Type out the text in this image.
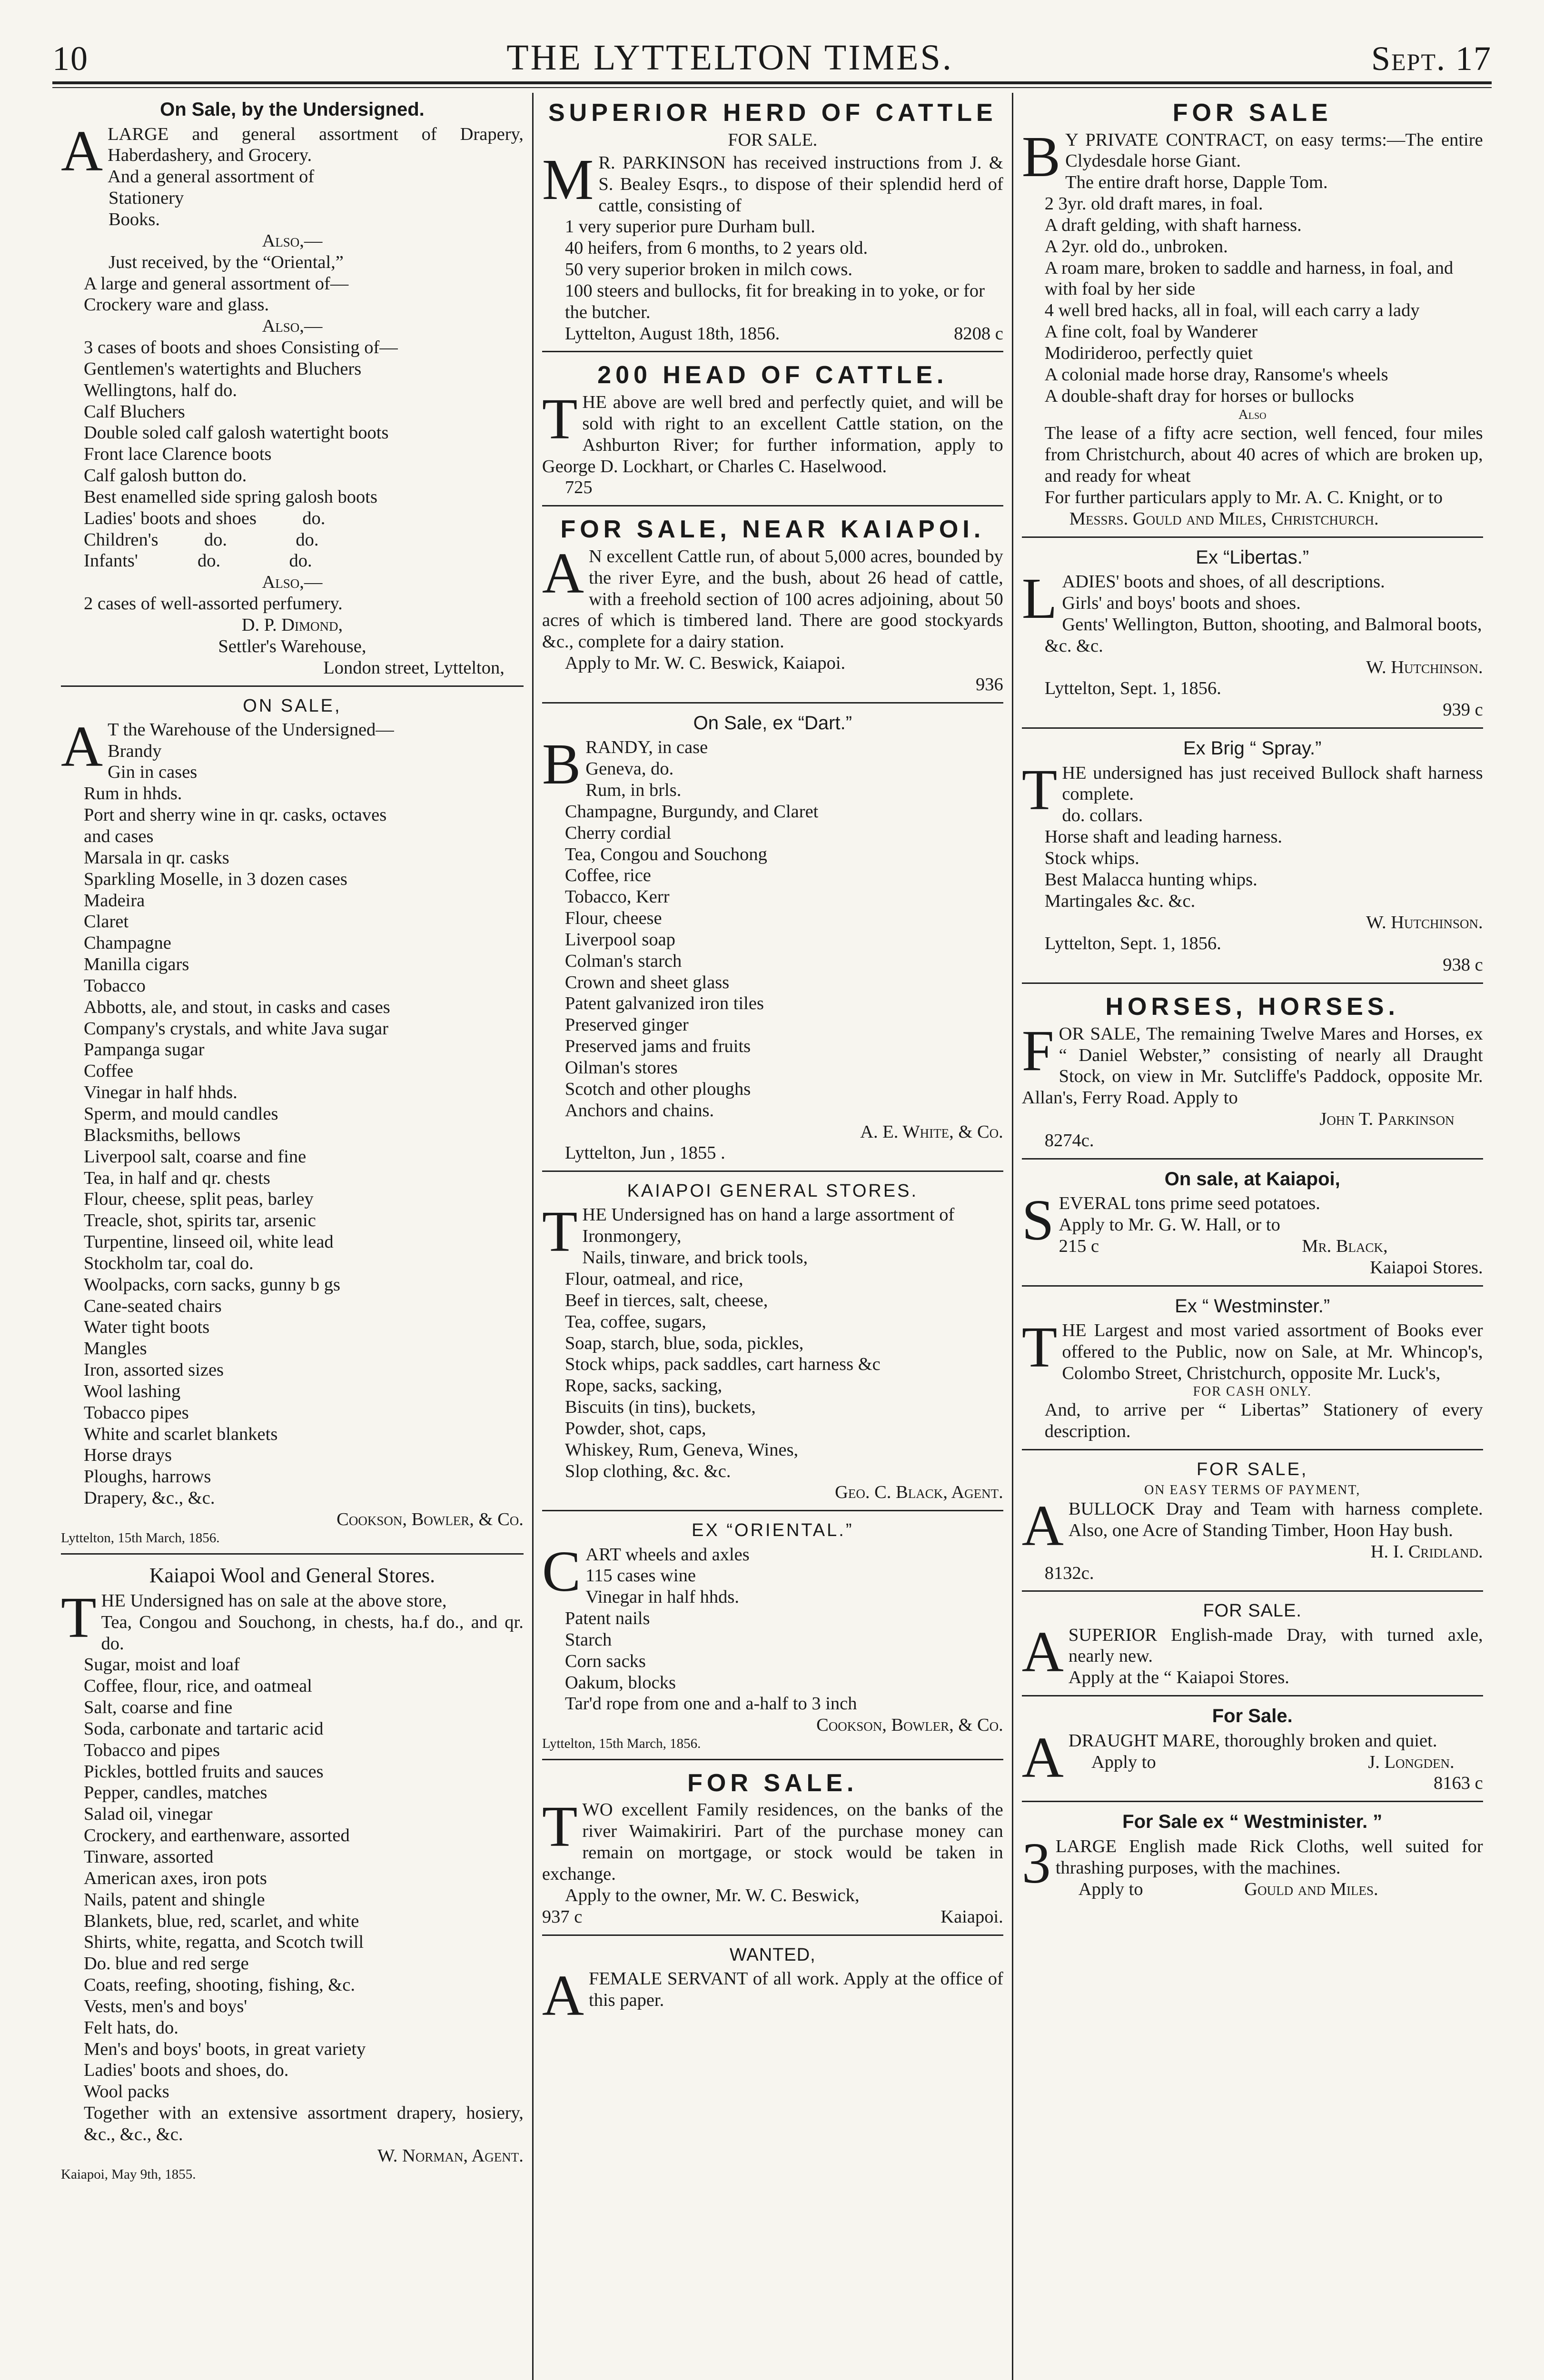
10	THE LYTTELTON TIMES.	Sept. 17
On Sale, by the Undersigned.

ALARGE and general assortment of Drapery, Haberdashery, and Grocery.

And a general assortment of
Stationery
Books.
Also,—
Just received, by the “Oriental,”
A large and general assortment of—
Crockery ware and glass.
Also,—
3 cases of boots and shoes Consisting of—
Gentlemen's watertights and Bluchers
Wellingtons, half do.
Calf Bluchers
Double soled calf galosh watertight boots
Front lace Clarence boots
Calf galosh button do.
Best enamelled side spring galosh boots
Ladies' boots and shoes          do.
Children's          do.               do.
Infants'             do.               do.
Also,—
2 cases of well-assorted perfumery.
D. P. Dimond,
Settler's Warehouse,
London street, Lyttelton,
ON SALE,

AT the Warehouse of the Undersigned—

Brandy
Gin in cases
Rum in hhds.
Port and sherry wine in qr. casks, octaves
and cases
Marsala in qr. casks
Sparkling Moselle, in 3 dozen cases
Madeira
Claret
Champagne
Manilla cigars
Tobacco
Abbotts, ale, and stout, in casks and cases
Company's crystals, and white Java sugar
Pampanga sugar
Coffee
Vinegar in half hhds.
Sperm, and mould candles
Blacksmiths, bellows
Liverpool salt, coarse and fine
Tea, in half and qr. chests
Flour, cheese, split peas, barley
Treacle, shot, spirits tar, arsenic
Turpentine, linseed oil, white lead
Stockholm tar, coal do.
Woolpacks, corn sacks, gunny b gs
Cane-seated chairs
Water tight boots
Mangles
Iron, assorted sizes
Wool lashing
Tobacco pipes
White and scarlet blankets
Horse drays
Ploughs, harrows
Drapery, &c., &c.
Cookson, Bowler, & Co.
Lyttelton, 15th March, 1856.
Kaiapoi Wool and General Stores.

THE Undersigned has on sale at the above store,

Tea, Congou and Souchong, in chests, ha.f do., and qr. do.

Sugar, moist and loaf
Coffee, flour, rice, and oatmeal
Salt, coarse and fine
Soda, carbonate and tartaric acid
Tobacco and pipes
Pickles, bottled fruits and sauces
Pepper, candles, matches
Salad oil, vinegar
Crockery, and earthenware, assorted
Tinware, assorted
American axes, iron pots
Nails, patent and shingle
Blankets, blue, red, scarlet, and white
Shirts, white, regatta, and Scotch twill
Do. blue and red serge
Coats, reefing, shooting, fishing, &c.
Vests, men's and boys'
Felt hats, do.
Men's and boys' boots, in great variety
Ladies' boots and shoes, do.
Wool packs

Together with an extensive assortment drapery, hosiery, &c., &c., &c.

W. Norman, Agent.
Kaiapoi, May 9th, 1855.
SUPERIOR HERD OF CATTLE
FOR SALE.

MR. PARKINSON has received instructions from J. & S. Bealey Esqrs., to dispose of their splendid herd of cattle, consisting of

1 very superior pure Durham bull.
40 heifers, from 6 months, to 2 years old.
50 very superior broken in milch cows.
100 steers and bullocks, fit for breaking in to yoke, or for the butcher.
Lyttelton, August 18th, 1856.	8208 c
200 HEAD OF CATTLE.

THE above are well bred and perfectly quiet, and will be sold with right to an excellent Cattle station, on the Ashburton River; for further information, apply to George D. Lockhart, or Charles C. Haselwood.

725
FOR SALE, NEAR KAIAPOI.

AN excellent Cattle run, of about 5,000 acres, bounded by the river Eyre, and the bush, about 26 head of cattle, with a freehold section of 100 acres adjoining, about 50 acres of which is timbered land. There are good stockyards &c., complete for a dairy station.

Apply to Mr. W. C. Beswick, Kaiapoi.
936
On Sale, ex “Dart.”

BRANDY, in case

Geneva, do.
Rum, in brls.
Champagne, Burgundy, and Claret
Cherry cordial
Tea, Congou and Souchong
Coffee, rice
Tobacco, Kerr
Flour, cheese
Liverpool soap
Colman's starch
Crown and sheet glass
Patent galvanized iron tiles
Preserved ginger
Preserved jams and fruits
Oilman's stores
Scotch and other ploughs
Anchors and chains.
A. E. White, & Co.
Lyttelton, Jun , 1855 .
KAIAPOI GENERAL STORES.

THE Undersigned has on hand a large assortment of

Ironmongery,
Nails, tinware, and brick tools,
Flour, oatmeal, and rice,
Beef in tierces, salt, cheese,
Tea, coffee, sugars,
Soap, starch, blue, soda, pickles,
Stock whips, pack saddles, cart harness &c
Rope, sacks, sacking,
Biscuits (in tins), buckets,
Powder, shot, caps,
Whiskey, Rum, Geneva, Wines,
Slop clothing, &c. &c.
Geo. C. Black, Agent.
EX “ORIENTAL.”

CART wheels and axles

115 cases wine
Vinegar in half hhds.
Patent nails
Starch
Corn sacks
Oakum, blocks
Tar'd rope from one and a-half to 3 inch
Cookson, Bowler, & Co.
Lyttelton, 15th March, 1856.
FOR SALE.

TWO excellent Family residences, on the banks of the river Waimakiriri. Part of the purchase money can remain on mortgage, or stock would be taken in exchange.

Apply to the owner, Mr. W. C. Beswick,
937 c	Kaiapoi.
WANTED,

AFEMALE SERVANT of all work. Apply at the office of this paper.

FOR SALE

BY PRIVATE CONTRACT, on easy terms:—The entire Clydesdale horse Giant.

The entire draft horse, Dapple Tom.
2 3yr. old draft mares, in foal.
A draft gelding, with shaft harness.
A 2yr. old do., unbroken.
A roam mare, broken to saddle and harness, in foal, and with foal by her side
4 well bred hacks, all in foal, will each carry a lady
A fine colt, foal by Wanderer
Modirideroo, perfectly quiet
A colonial made horse dray, Ransome's wheels
A double-shaft dray for horses or bullocks
Also

The lease of a fifty acre section, well fenced, four miles from Christchurch, about 40 acres of which are broken up, and ready for wheat

For further particulars apply to Mr. A. C. Knight, or to

Messrs. Gould and Miles, Christchurch.
Ex “Libertas.”

LADIES' boots and shoes, of all descriptions.

Girls' and boys' boots and shoes.
Gents' Wellington, Button, shooting, and Balmoral boots, &c. &c.
W. Hutchinson.
Lyttelton, Sept. 1, 1856.
939 c
Ex Brig “ Spray.”

THE undersigned has just received Bullock shaft harness complete.

do. collars.
Horse shaft and leading harness.
Stock whips.
Best Malacca hunting whips.
Martingales &c. &c.
W. Hutchinson.
Lyttelton, Sept. 1, 1856.
938 c
HORSES, HORSES.

FOR SALE, The remaining Twelve Mares and Horses, ex “ Daniel Webster,” consisting of nearly all Draught Stock, on view in Mr. Sutcliffe's Paddock, opposite Mr. Allan's, Ferry Road. Apply to

John T. Parkinson
8274c.
On sale, at Kaiapoi,

SEVERAL tons prime seed potatoes.

Apply to Mr. G. W. Hall, or to
215 c	Mr. Black,
Kaiapoi Stores.
Ex “ Westminster.”

THE Largest and most varied assortment of Books ever offered to the Public, now on Sale, at Mr. Whincop's, Colombo Street, Christchurch, opposite Mr. Luck's,

FOR CASH ONLY.

And, to arrive per “ Libertas” Stationery of every description.

FOR SALE,
ON EASY TERMS OF PAYMENT,

ABULLOCK Dray and Team with harness complete. Also, one Acre of Standing Timber, Hoon Hay bush.

H. I. Cridland.
8132c.
FOR SALE.

ASUPERIOR English-made Dray, with turned axle, nearly new.

Apply at the “ Kaiapoi Stores.
For Sale.

ADRAUGHT MARE, thoroughly broken and quiet.

Apply to	J. Longden.
8163 c
For Sale ex “ Westminister. ”

3LARGE English made Rick Cloths, well suited for thrashing purposes, with the machines.

Apply to	Gould and Miles.
